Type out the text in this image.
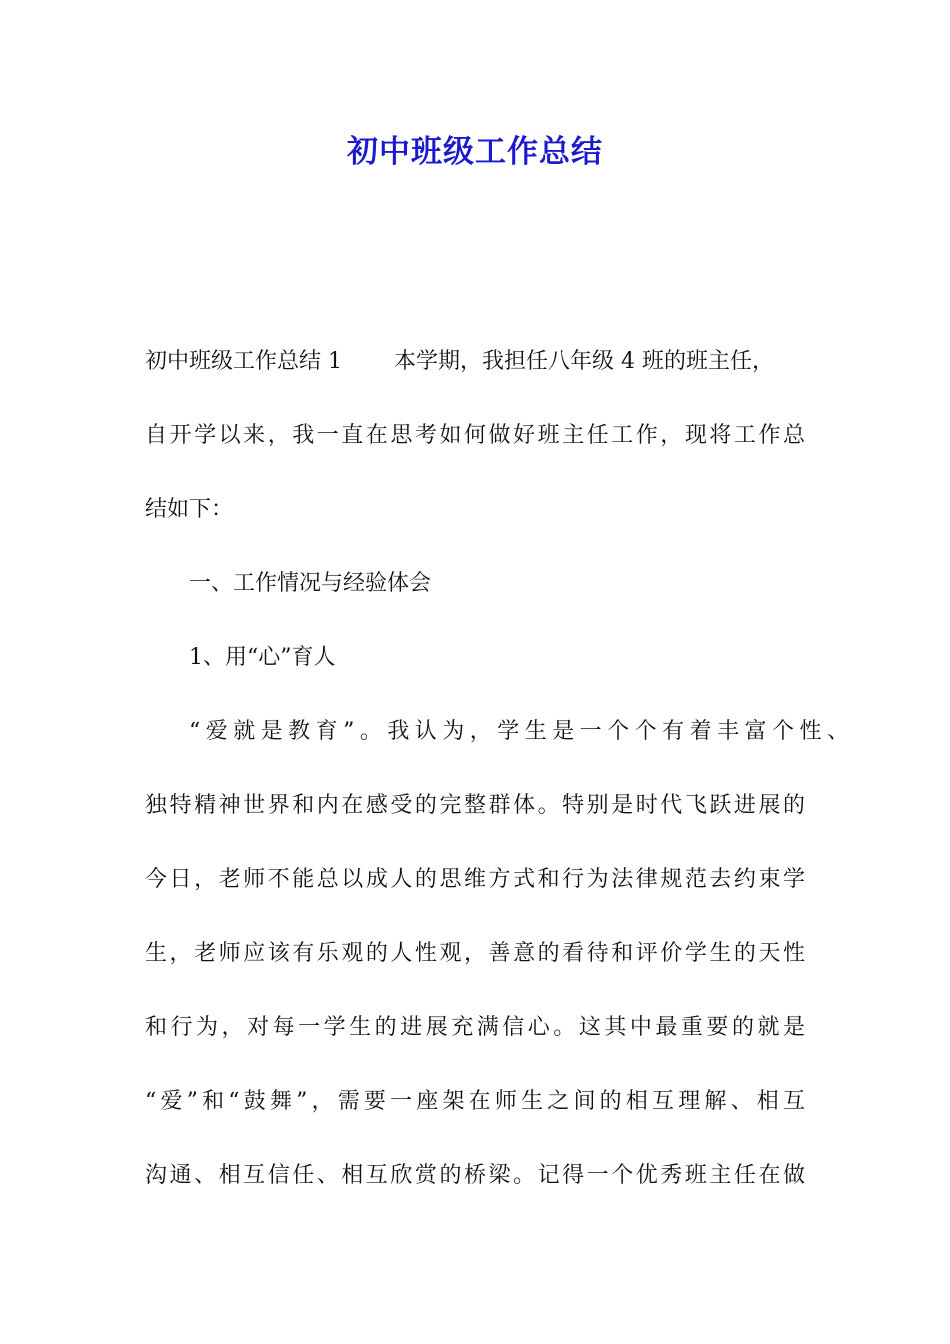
初中班级工作总结
初中班级工作总结 1 本学期，我担任八年级 4 班的班主任，
自开学以来，我一直在思考如何做好班主任工作，现将工作总
结如下：
一、工作情况与经验体会
1、用“心”育人
“爱就是教育”。我认为，学生是一个个有着丰富个性、
独特精神世界和内在感受的完整群体。特别是时代飞跃进展的
今日，老师不能总以成人的思维方式和行为法律规范去约束学
生，老师应该有乐观的人性观，善意的看待和评价学生的天性
和行为，对每一学生的进展充满信心。这其中最重要的就是
“爱”和“鼓舞”，需要一座架在师生之间的相互理解、相互
沟通、相互信任、相互欣赏的桥梁。记得一个优秀班主任在做
